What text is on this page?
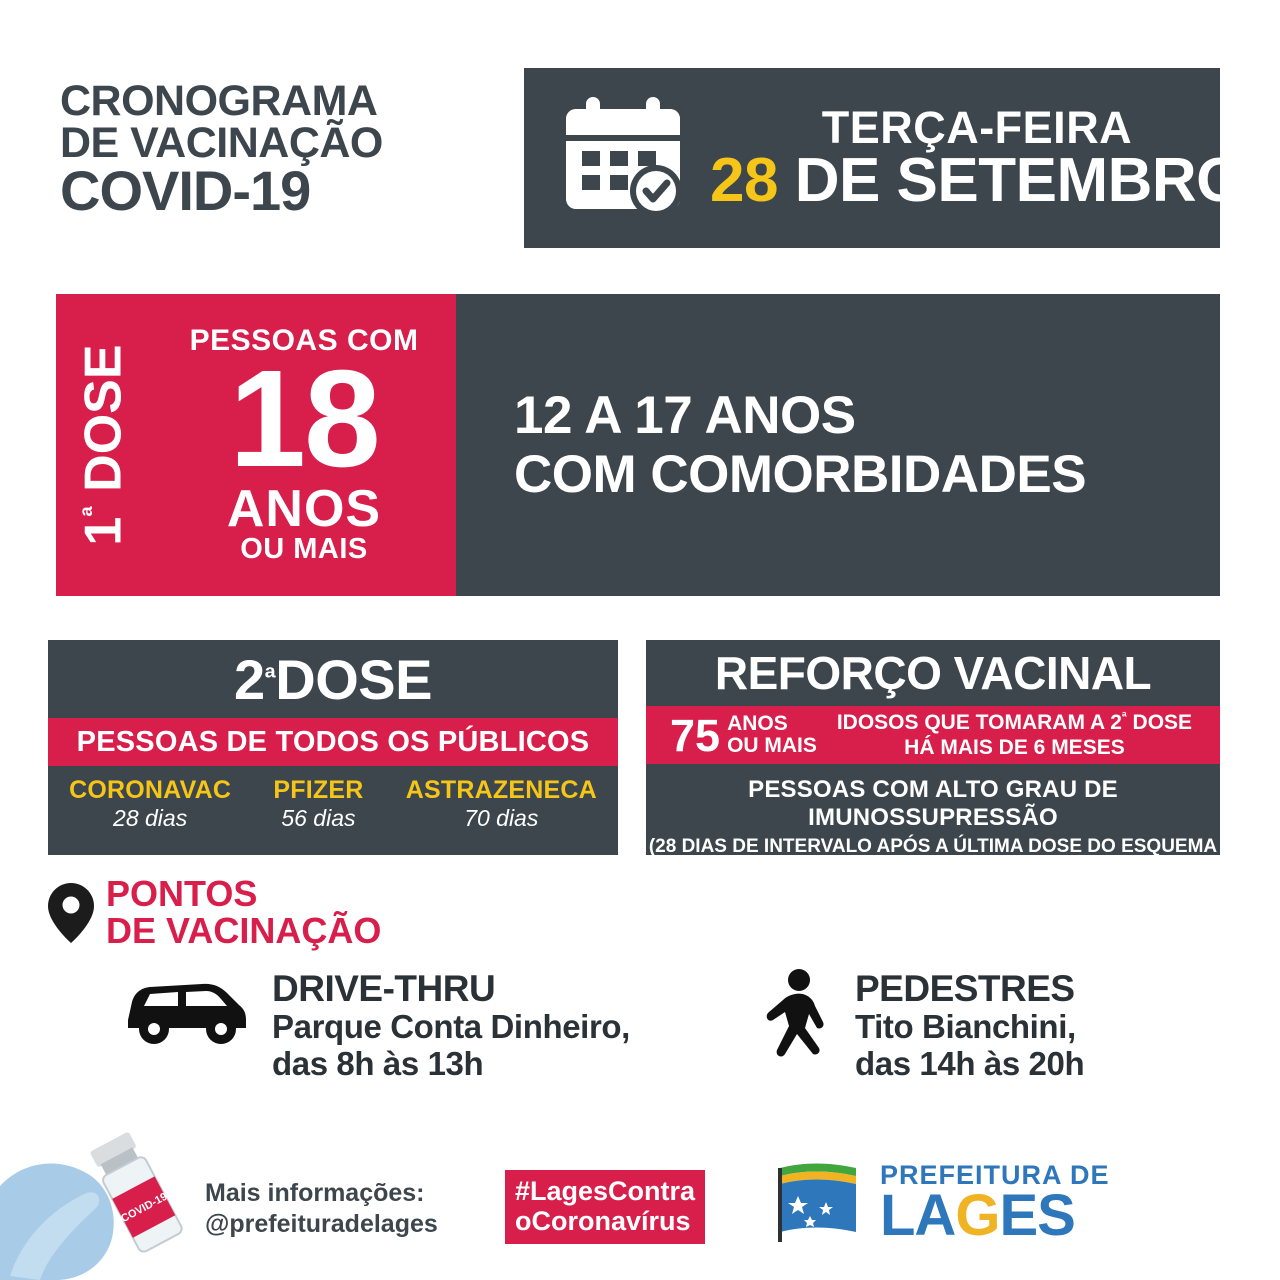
CRONOGRAMA
DE VACINAÇÃO
COVID-19
TERÇA-FEIRA
28 DE SETEMBRO
$1^ª$ DOSE
PESSOAS COM
18
ANOS
OU MAIS
12 A 17 ANOS
COM COMORBIDADES
2 ª DOSE
PESSOAS DE TODOS OS PÚBLICOS
CORONAVAC
28 dias
PFIZER
56 dias
ASTRAZENECA
70 dias
REFORÇO VACINAL
75 ANOS
OU MAIS
IDOSOS QUE TOMARAM A $2^ª$ DOSE
HÁ MAIS DE 6 MESES
PESSOAS COM ALTO GRAU DE IMUNOSSUPRESSÃO
(28 DIAS DE INTERVALO APÓS A ÚLTIMA DOSE DO ESQUEMA BÁSICO)
PONTOS
DE VACINAÇÃO
DRIVE-THRU
Parque Conta Dinheiro,
das 8h às 13h
PEDESTRES
Tito Bianchini,
das 14h às 20h
COVID-19 Mais informações:
@prefeituradelages
#LagesContra
oCoronavírus
PREFEITURA DE
LAGES
